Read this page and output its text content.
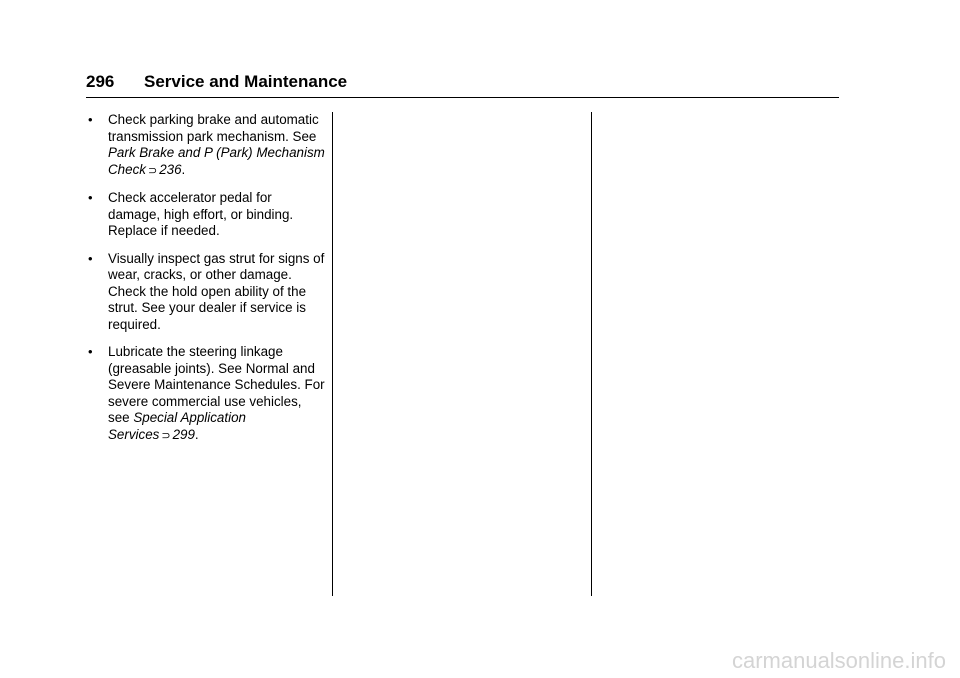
296 Service and Maintenance
• Check parking brake and automatic transmission park mechanism. See Park Brake and P (Park) Mechanism Check ⊃ 236.
• Check accelerator pedal for damage, high effort, or binding. Replace if needed.
• Visually inspect gas strut for signs of wear, cracks, or other damage. Check the hold open ability of the strut. See your dealer if service is required.
• Lubricate the steering linkage (greasable joints). See Normal and Severe Maintenance Schedules. For severe commercial use vehicles, see Special Application Services ⊃ 299.
carmanualsonline.info
